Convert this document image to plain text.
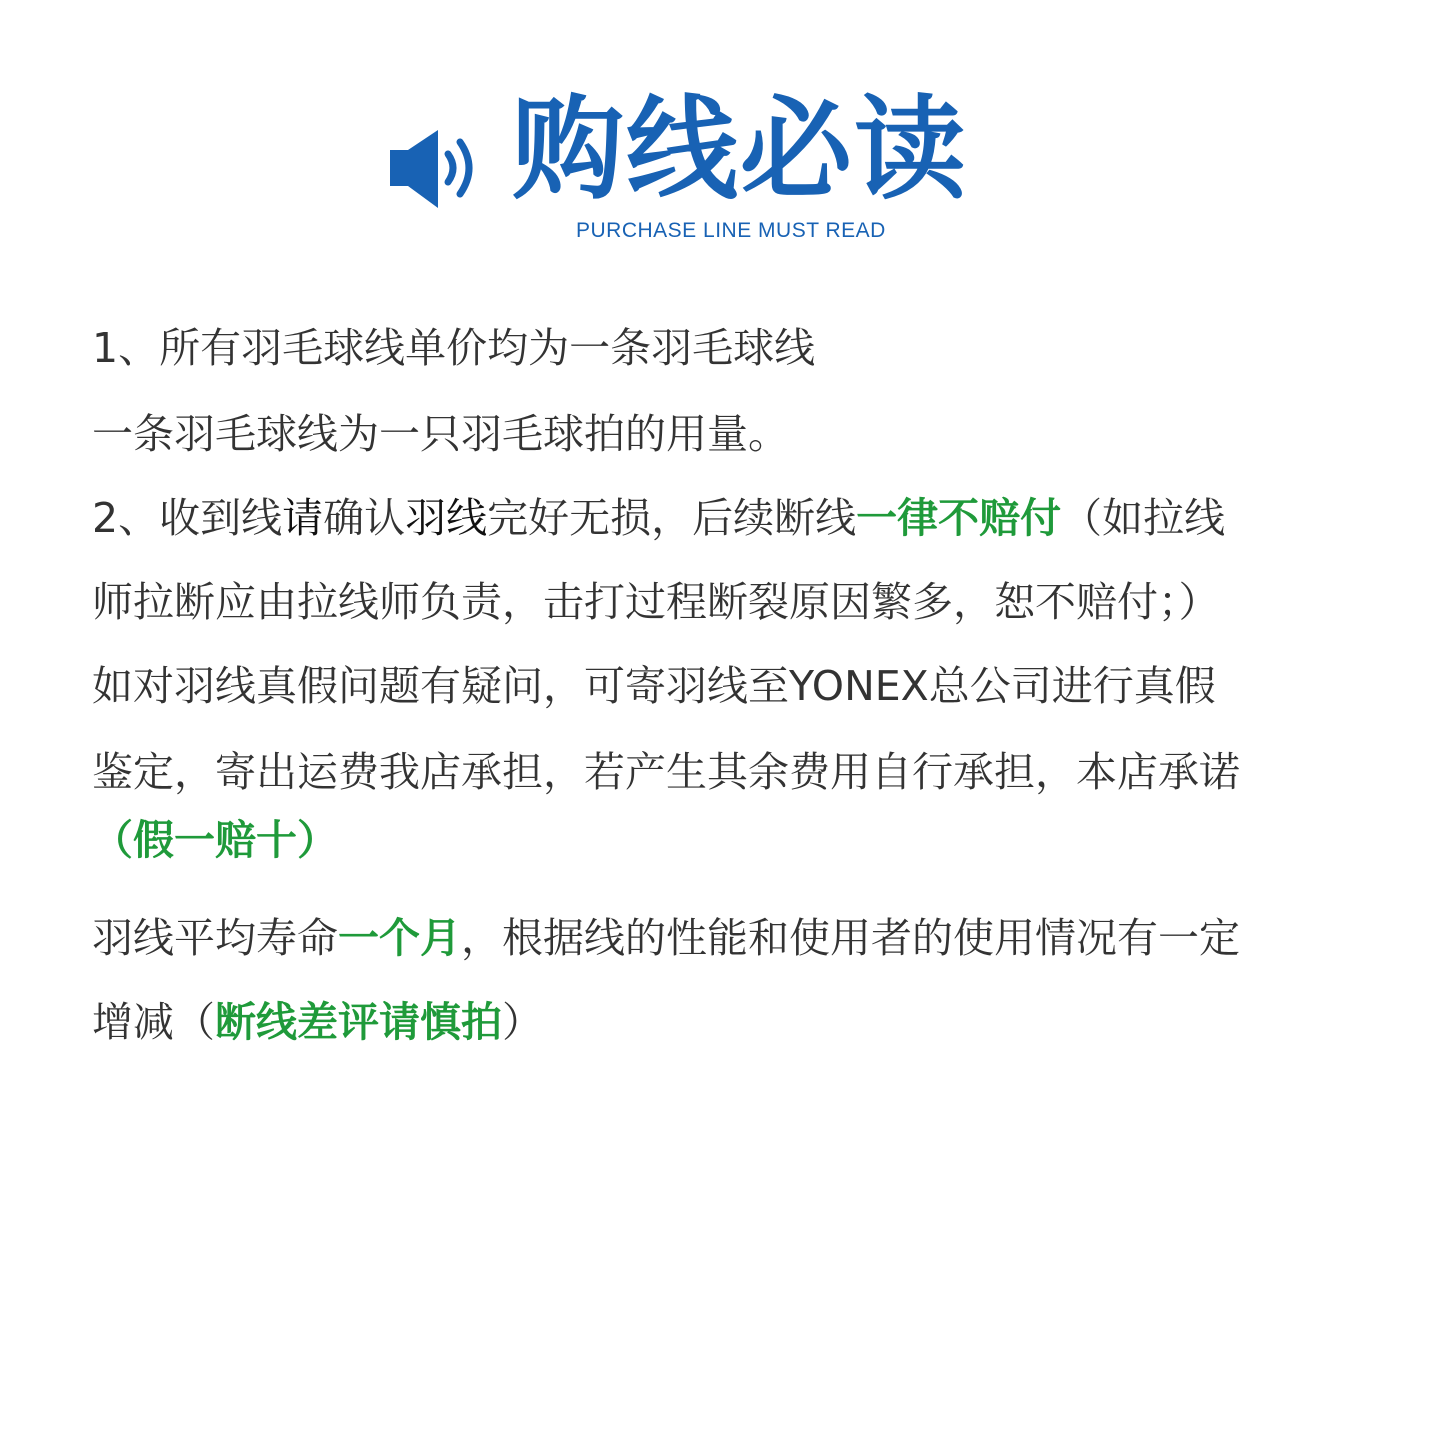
购线必读
PURCHASE LINE MUST READ
1、所有羽毛球线单价均为一条羽毛球线
一条羽毛球线为一只羽毛球拍的用量。
2、收到线请确认羽线完好无损，后续断线一律不赔付（如拉线
师拉断应由拉线师负责，击打过程断裂原因繁多，恕不赔付；）
如对羽线真假问题有疑问，可寄羽线至YONEX总公司进行真假
鉴定，寄出运费我店承担，若产生其余费用自行承担，本店承诺
（假一赔十）
羽线平均寿命一个月，根据线的性能和使用者的使用情况有一定
增减（断线差评请慎拍）
